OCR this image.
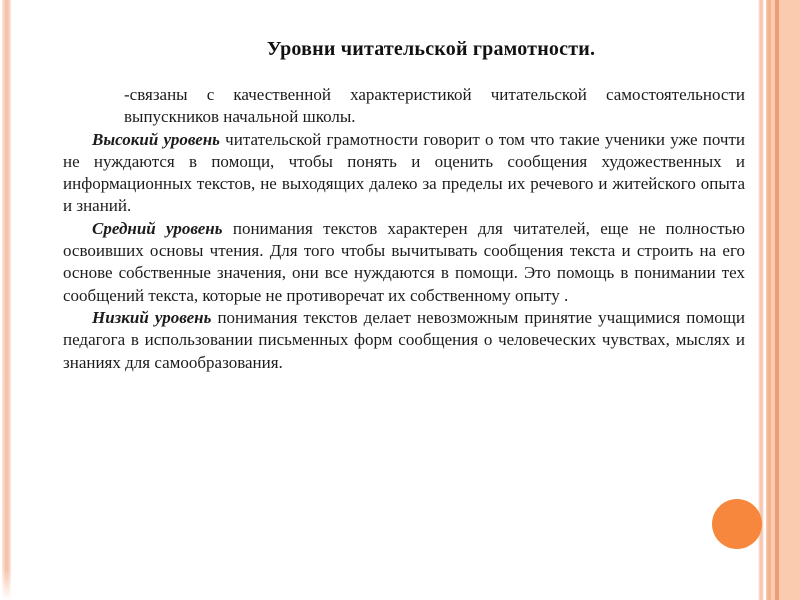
Уровни читательской грамотности.

-связаны с качественной характеристикой читательской самостоятельности выпускников начальной школы.

Высокий уровень читательской грамотности говорит о том что такие ученики уже почти не нуждаются в помощи, чтобы понять и оценить сообщения художественных и информационных текстов, не выходящих далеко за пределы их речевого и житейского опыта и знаний.

Средний уровень понимания текстов характерен для читателей, еще не полностью освоивших основы чтения. Для того чтобы вычитывать сообщения текста и строить на его основе собственные значения, они все нуждаются в помощи. Это помощь в понимании тех сообщений текста, которые не противоречат их собственному опыту .

Низкий уровень понимания текстов делает невозможным принятие учащимися помощи педагога в использовании письменных форм сообщения о человеческих чувствах, мыслях и знаниях для самообразования.
